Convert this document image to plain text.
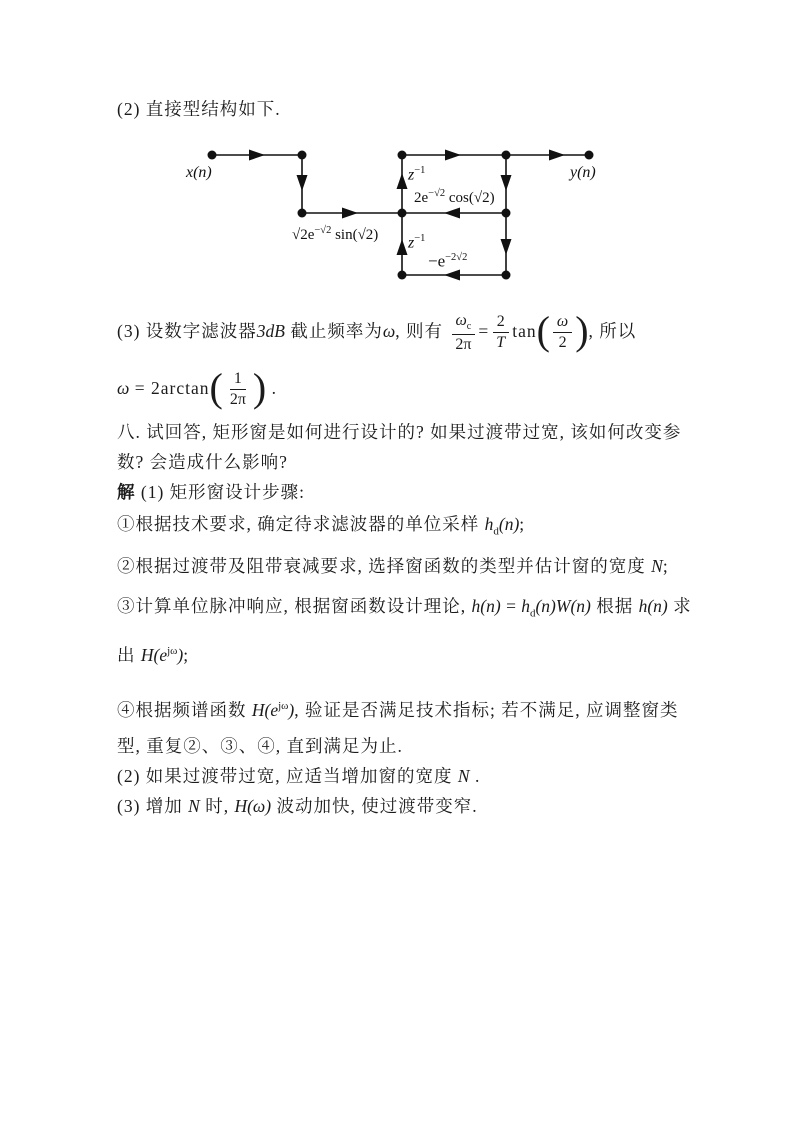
(2) 直接型结构如下.
x(n)	y(n)
$z^{-1}$
$z^{-1}$
$2e^{-√2}$ cos(√2)
$√2e^{-√2}$ sin(√2)
$-e^{-2√2}$
(3) 设数字滤波器3dB 截止频率为ω, 则有 $\frac{\omega_c}{2\pi} = \frac{2}{T} \tan( \frac{\omega}{2}$ ), 所以
$\omega = 2\arctan( \frac{1}{2\pi}$ ) .
八. 试回答, 矩形窗是如何进行设计的? 如果过渡带过宽, 该如何改变参
数? 会造成什么影响?
解 (1) 矩形窗设计步骤:
①根据技术要求, 确定待求滤波器的单位采样 $h_d(n)$;
②根据过渡带及阻带衰减要求, 选择窗函数的类型并估计窗的宽度 N;
③计算单位脉冲响应, 根据窗函数设计理论, $h(n) = h_d(n)W(n)$ 根据 h(n) 求
出 $H(e^{j\omega})$;
④根据频谱函数 $H(e^{j\omega})$, 验证是否满足技术指标; 若不满足, 应调整窗类
型, 重复②、③、④, 直到满足为止.
(2) 如果过渡带过宽, 应适当增加窗的宽度 N .
(3) 增加 N 时, H(ω) 波动加快, 使过渡带变窄.
